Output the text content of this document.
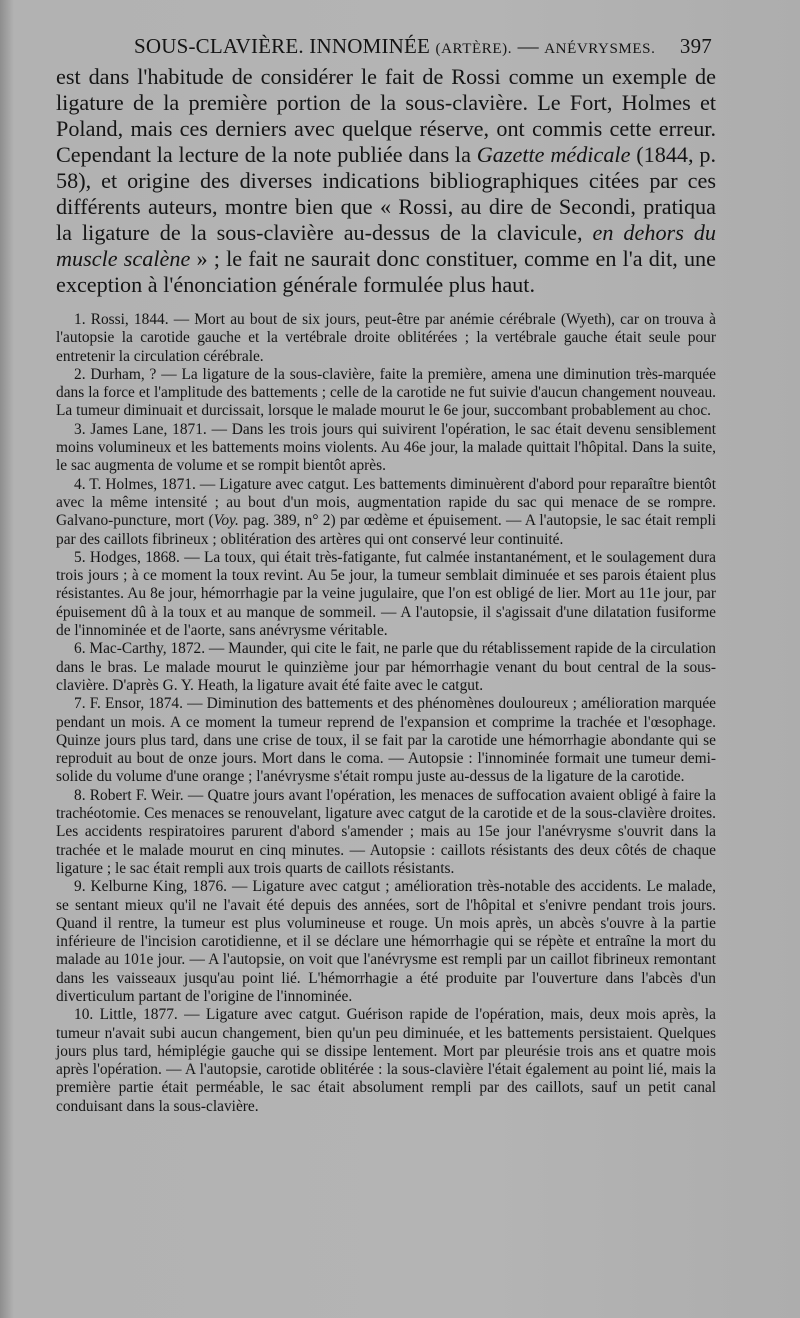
SOUS-CLAVIÈRE. INNOMINÉE (ARTÈRE). — ANÉVRYSMES. 397

est dans l'habitude de considérer le fait de Rossi comme un exemple de ligature de la première portion de la sous-clavière. Le Fort, Holmes et Poland, mais ces derniers avec quelque réserve, ont commis cette erreur. Cependant la lecture de la note publiée dans la Gazette médicale (1844, p. 58), et origine des diverses indications bibliographiques citées par ces différents auteurs, montre bien que « Rossi, au dire de Secondi, pratiqua la ligature de la sous-clavière au-dessus de la clavicule, en dehors du muscle scalène » ; le fait ne saurait donc constituer, comme en l'a dit, une exception à l'énonciation générale formulée plus haut.

1. Rossi, 1844. — Mort au bout de six jours, peut-être par anémie cérébrale (Wyeth), car on trouva à l'autopsie la carotide gauche et la vertébrale droite oblitérées ; la vertébrale gauche était seule pour entretenir la circulation cérébrale.

2. Durham, ? — La ligature de la sous-clavière, faite la première, amena une diminution très-marquée dans la force et l'amplitude des battements ; celle de la carotide ne fut suivie d'aucun changement nouveau. La tumeur diminuait et durcissait, lorsque le malade mourut le 6e jour, succombant probablement au choc.

3. James Lane, 1871. — Dans les trois jours qui suivirent l'opération, le sac était devenu sensiblement moins volumineux et les battements moins violents. Au 46e jour, la malade quittait l'hôpital. Dans la suite, le sac augmenta de volume et se rompit bientôt après.

4. T. Holmes, 1871. — Ligature avec catgut. Les battements diminuèrent d'abord pour reparaître bientôt avec la même intensité ; au bout d'un mois, augmentation rapide du sac qui menace de se rompre. Galvano-puncture, mort (Voy. pag. 389, n° 2) par œdème et épuisement. — A l'autopsie, le sac était rempli par des caillots fibrineux ; oblitération des artères qui ont conservé leur continuité.

5. Hodges, 1868. — La toux, qui était très-fatigante, fut calmée instantanément, et le soulagement dura trois jours ; à ce moment la toux revint. Au 5e jour, la tumeur semblait diminuée et ses parois étaient plus résistantes. Au 8e jour, hémorrhagie par la veine jugulaire, que l'on est obligé de lier. Mort au 11e jour, par épuisement dû à la toux et au manque de sommeil. — A l'autopsie, il s'agissait d'une dilatation fusiforme de l'innominée et de l'aorte, sans anévrysme véritable.

6. Mac-Carthy, 1872. — Maunder, qui cite le fait, ne parle que du rétablissement rapide de la circulation dans le bras. Le malade mourut le quinzième jour par hémorrhagie venant du bout central de la sous-clavière. D'après G. Y. Heath, la ligature avait été faite avec le catgut.

7. F. Ensor, 1874. — Diminution des battements et des phénomènes douloureux ; amélioration marquée pendant un mois. A ce moment la tumeur reprend de l'expansion et comprime la trachée et l'œsophage. Quinze jours plus tard, dans une crise de toux, il se fait par la carotide une hémorrhagie abondante qui se reproduit au bout de onze jours. Mort dans le coma. — Autopsie : l'innominée formait une tumeur demi-solide du volume d'une orange ; l'anévrysme s'était rompu juste au-dessus de la ligature de la carotide.

8. Robert F. Weir. — Quatre jours avant l'opération, les menaces de suffocation avaient obligé à faire la trachéotomie. Ces menaces se renouvelant, ligature avec catgut de la carotide et de la sous-clavière droites. Les accidents respiratoires parurent d'abord s'amender ; mais au 15e jour l'anévrysme s'ouvrit dans la trachée et le malade mourut en cinq minutes. — Autopsie : caillots résistants des deux côtés de chaque ligature ; le sac était rempli aux trois quarts de caillots résistants.

9. Kelburne King, 1876. — Ligature avec catgut ; amélioration très-notable des accidents. Le malade, se sentant mieux qu'il ne l'avait été depuis des années, sort de l'hôpital et s'enivre pendant trois jours. Quand il rentre, la tumeur est plus volumineuse et rouge. Un mois après, un abcès s'ouvre à la partie inférieure de l'incision carotidienne, et il se déclare une hémorrhagie qui se répète et entraîne la mort du malade au 101e jour. — A l'autopsie, on voit que l'anévrysme est rempli par un caillot fibrineux remontant dans les vaisseaux jusqu'au point lié. L'hémorrhagie a été produite par l'ouverture dans l'abcès d'un diverticulum partant de l'origine de l'innominée.

10. Little, 1877. — Ligature avec catgut. Guérison rapide de l'opération, mais, deux mois après, la tumeur n'avait subi aucun changement, bien qu'un peu diminuée, et les battements persistaient. Quelques jours plus tard, hémiplégie gauche qui se dissipe lentement. Mort par pleurésie trois ans et quatre mois après l'opération. — A l'autopsie, carotide oblitérée : la sous-clavière l'était également au point lié, mais la première partie était perméable, le sac était absolument rempli par des caillots, sauf un petit canal conduisant dans la sous-clavière.
